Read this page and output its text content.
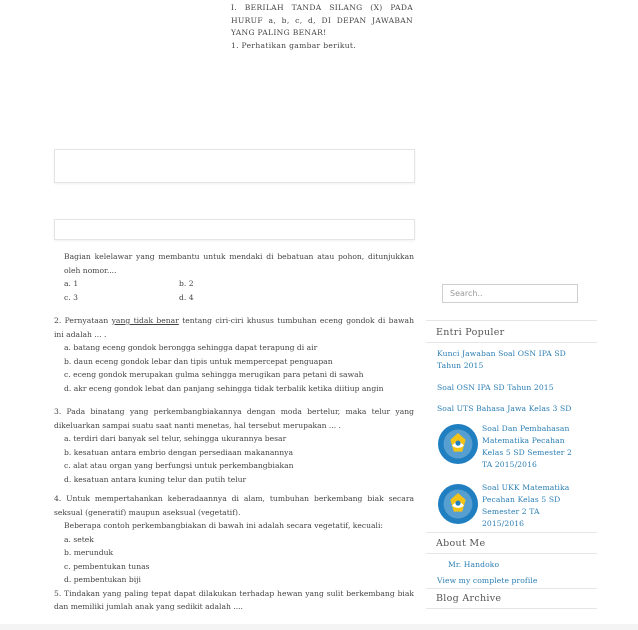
I. BERILAH TANDA SILANG (X) PADA HURUF a, b, c, d, DI DEPAN JAWABAN YANG PALING BENAR!

1. Perhatikan gambar berikut.

Bagian kelelawar yang membantu untuk mendaki di bebatuan atau pohon, ditunjukkan oleh nomor....

a. 1	b. 2
c. 3	d. 4

2. Pernyataan yang tidak benar tentang ciri-ciri khusus tumbuhan eceng gondok di bawah ini adalah ... .

a. batang eceng gondok berongga sehingga dapat terapung di air

b. daun eceng gondok lebar dan tipis untuk mempercepat penguapan

c. eceng gondok merupakan gulma sehingga merugikan para petani di sawah

d. akr eceng gondok lebat dan panjang sehingga tidak terbalik ketika diitiup angin

3. Pada binatang yang perkembangbiakannya dengan moda bertelur, maka telur yang dikeluarkan sampai suatu saat nanti menetas, hal tersebut merupakan ... .

a. terdiri dari banyak sel telur, sehingga ukurannya besar

b. kesatuan antara embrio dengan persediaan makanannya

c. alat atau organ yang berfungsi untuk perkembangbiakan

d. kesatuan antara kuning telur dan putih telur

4. Untuk mempertahankan keberadaannya di alam, tumbuhan berkembang biak secara seksual (generatif) maupun aseksual (vegetatif).

Beberapa contoh perkembangbiakan di bawah ini adalah secara vegetatif, kecuali:

a. setek

b. merunduk

c. pembentukan tunas

d. pembentukan biji

5. Tindakan yang paling tepat dapat dilakukan terhadap hewan yang sulit berkembang biak dan memiliki jumlah anak yang sedikit adalah ....

Search..
Entri Populer
Kunci Jawaban Soal OSN IPA SD Tahun 2015
Soal OSN IPA SD Tahun 2015
Soal UTS Bahasa Jawa Kelas 3 SD
Soal Dan Pembahasan Matematika Pecahan Kelas 5 SD Semester 2 TA 2015/2016
Soal UKK Matematika Pecahan Kelas 5 SD Semester 2 TA 2015/2016
About Me
Mr. Handoko
View my complete profile
Blog Archive
